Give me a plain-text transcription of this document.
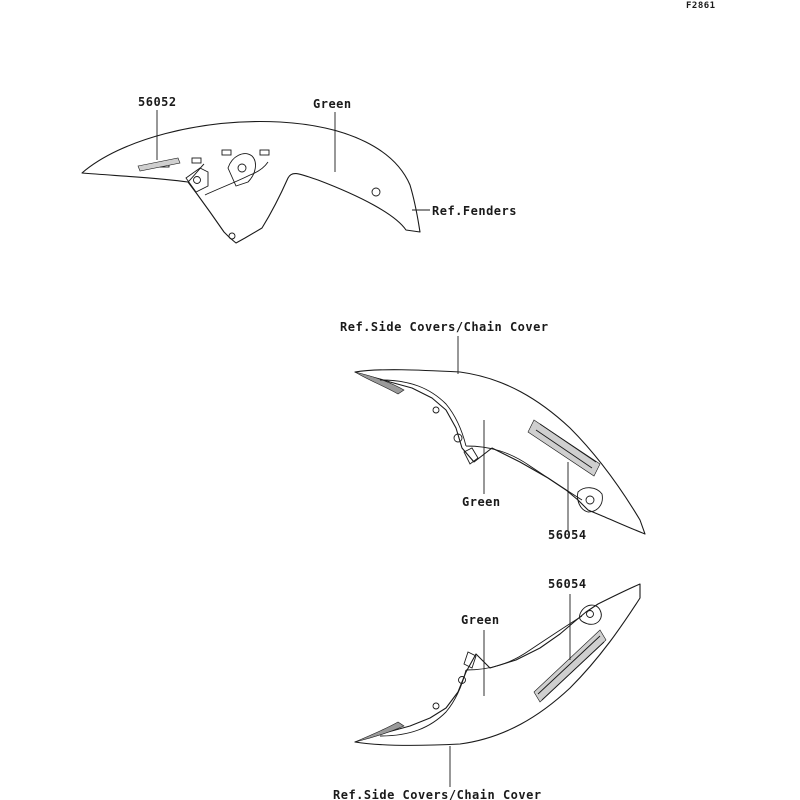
F2861
56052	Green
Ref.Fenders
Ref.Side Covers/Chain Cover
Green
56054
56054
Green
Ref.Side Covers/Chain Cover
